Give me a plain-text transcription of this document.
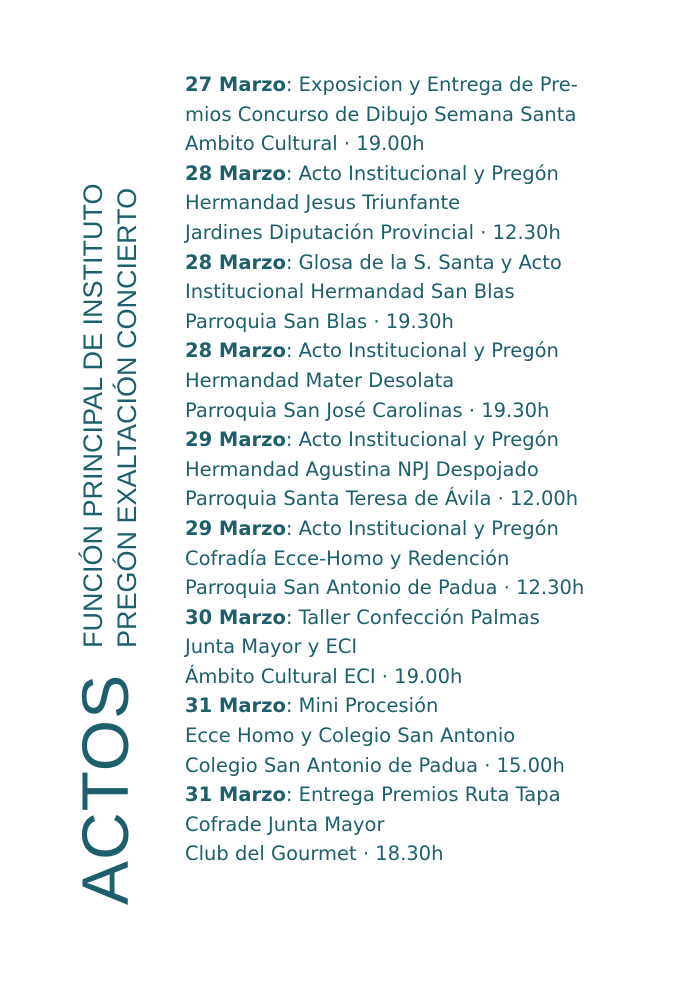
ACTOS
FUNCIÓN PRINCIPAL DE INSTITUTO PREGÓN EXALTACIÓN CONCIERTO
27 Marzo: Exposicion y Entrega de Pre-
mios Concurso de Dibujo Semana Santa
Ambito Cultural · 19.00h
28 Marzo: Acto Institucional y Pregón
Hermandad Jesus Triunfante
Jardines Diputación Provincial · 12.30h
28 Marzo: Glosa de la S. Santa y Acto
Institucional Hermandad San Blas
Parroquia San Blas · 19.30h
28 Marzo: Acto Institucional y Pregón
Hermandad Mater Desolata
Parroquia San José Carolinas · 19.30h
29 Marzo: Acto Institucional y Pregón
Hermandad Agustina NPJ Despojado
Parroquia Santa Teresa de Ávila · 12.00h
29 Marzo: Acto Institucional y Pregón
Cofradía Ecce-Homo y Redención
Parroquia San Antonio de Padua · 12.30h
30 Marzo: Taller Confección Palmas
Junta Mayor y ECI
Ámbito Cultural ECI · 19.00h
31 Marzo: Mini Procesión
Ecce Homo y Colegio San Antonio
Colegio San Antonio de Padua · 15.00h
31 Marzo: Entrega Premios Ruta Tapa
Cofrade Junta Mayor
Club del Gourmet · 18.30h
